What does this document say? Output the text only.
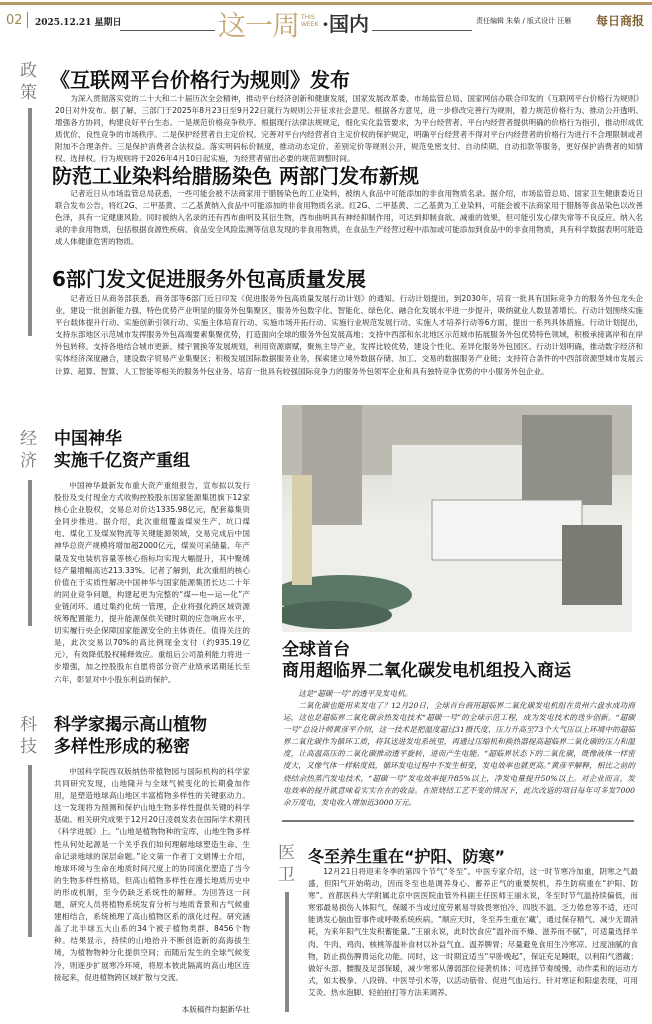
02 2025.12.21 星期日	这一周 THIS WEEK ·国内	责任编辑 朱柴 / 版式设计 汪雁 每日商报
政策
《互联网平台价格行为规则》发布

为深入贯彻落实党的二十大和二十届历次全会精神，推动平台经济创新和健康发展，国家发展改革委、市场监管总局、国家网信办联合印发的《互联网平台价格行为规则》20日对外发布。据了解，三部门于2025年8月23日至9月22日就行为规则公开征求社会意见。根据各方意见，进一步修改完善行为规则，着力规范价格行为、推动公开透明、增强各方协同，构建良好平台生态。一是规范价格竞争秩序。根据现行法律法规规定，细化实化监管要求，为平台经营者、平台内经营者提供明确的价格行为指引，推动形成优质优价、良性竞争的市场秩序。二是保护经营者自主定价权。完善对平台内经营者自主定价权的保护规定，明确平台经营者不得对平台内经营者的价格行为进行不合理限制或者附加不合理条件。三是保护消费者合法权益。落实明码标价制度，推动动态定价、差别定价等规则公开，规范免密支付、自动续期、自动扣款等服务，更好保护消费者的知情权、选择权。行为规则将于2026年4月10日起实施，为经营者留出必要的规范调整时间。

防范工业染料给腊肠染色 两部门发布新规

记者近日从市场监管总局获悉，一些可能会被不法商家用于腊肠染色的工业染料，被纳入食品中可能添加的非食用物质名录。据介绍，市场监管总局、国家卫生健康委近日联合发布公告，将红2G、二甲基黄、二乙基黄纳入食品中可能添加的非食用物质名录。红2G、二甲基黄、二乙基黄为工业染料，可能会被不法商家用于腊肠等食品染色以改善色泽，具有一定健康风险。同时被纳入名录的还有西布曲明及其衍生物，西布曲明具有神经抑制作用，可达到抑制食欲、减重的效果，但可能引发心律失常等不良反应。纳入名录的非食用物质，包括根据食源性疾病、食品安全风险监测等信息发现的非食用物质，在食品生产经营过程中添加或可能添加到食品中的非食用物质，具有科学数据表明可能造成人体健康危害的物质。

6部门发文促进服务外包高质量发展

记者近日从商务部获悉，商务部等6部门近日印发《促进服务外包高质量发展行动计划》的通知。行动计划提出，到2030年，培育一批具有国际竞争力的服务外包龙头企业，建设一批创新能力强、特色优势产业明显的服务外包集聚区，服务外包数字化、智能化、绿色化、融合化发展水平进一步提升，吸纳就业人数显著增长。行动计划围绕实施平台载体提升行动、实施创新引领行动、实施主体培育行动、实施市场开拓行动、实施行业规范发展行动、实施人才培养行动等6方面，提出一系列具体措施。行动计划提出，支持东部地区示范城市发挥服务外包高端要素集聚优势，打造面向全球的服务外包发展高地；支持中西部和东北地区示范城市拓展服务外包优势特色领域，积极承接离岸和在岸外包转移。支持各地结合城市更新、楼宇置换等发展规划，利用资源禀赋，聚焦主导产业，发挥比较优势，建设个性化、差异化服务外包园区。行动计划明确，推动数字经济和实体经济深度融合，建设数字贸易产业集聚区；积极发展国际数据服务业务，探索建立境外数据存储、加工、交易的数据服务产业链；支持符合条件的中西部资源型城市发展云计算、超算、智算、人工智能等相关的服务外包业务。培育一批具有较强国际竞争力的服务外包领军企业和具有独特竞争优势的中小服务外包企业。

经济
中国神华
实施千亿资产重组

中国神华最新发布重大资产重组报告，宣布拟以发行股份及支付现金方式收购控股股东国家能源集团旗下12家核心企业股权，交易总对价达1335.98亿元，配套募集资金同步推进。据介绍，此次重组覆盖煤炭生产、坑口煤电、煤化工及煤炭物流等关键能源领域，交易完成后中国神华总资产规模将增加超2000亿元，煤炭可采储量、年产量及发电装机容量等核心指标均实现大幅提升，其中聚烯烃产量增幅高达213.33%。记者了解到，此次重组的核心价值在于实质性解决中国神华与国家能源集团长达二十年的同业竞争问题，构建起更为完整的“煤—电—运—化”产业链闭环。通过集约化统一管理，企业将强化跨区域资源统筹配置能力，提升能源保供关键时期的应急响应水平，切实履行央企保障国家能源安全的主体责任。值得关注的是，此次交易以70%的高比例现金支付（约935.19亿元），有效降低股权稀释效应。重组后公司盈利能力将进一步增强，加之控股股东自愿将部分资产业绩承诺期延长至六年，彰显对中小股东利益的保护。

全球首台
商用超临界二氧化碳发电机组投入商运

这是“超碳一号”的透平及发电机。

二氧化碳也能用来发电了？12月20日，全球首台商用超临界二氧化碳发电机组在贵州六盘水成功商运，这也是超临界二氧化碳余热发电技术“超碳一号”的全球示范工程，成为发电技术的迭步创新。“超碳一号”总设计师黄彦平介绍，这一技术是把温度超过31摄氏度、压力升高至73个大气压以上环境中的超临界二氧化碳作为循环工质，将其送进发电系统里，再通过压缩机和换热器提高超临界二氧化碳的压力和温度，让高温高压的二氧化碳推动透平旋转，进而产生电能。“超临界状态下的二氧化碳，既像液体一样密度大，又像气体一样粘度低，循环发电过程中不发生相变，发电效率也就更高。”黄彦平解释，相比之前的烧结余热蒸汽发电技术，“超碳一号”发电效率提升85%以上，净发电量提升50%以上。对企业而言，发电效率的提升就意味着实实在在的收益。在原烧结工艺不变的情况下，此次改造的项目每年可多发7000余万度电，发电收入增加近3000万元。

科技
科学家揭示高山植物
多样性形成的秘密

中国科学院西双版纳热带植物园与国际机构的科学家共同研究发现，山地隆升与全球气候变化的长期叠加作用，是塑造地球高山地区丰富植物多样性的关键驱动力。这一发现将为预测和保护山地生物多样性提供关键的科学基础。相关研究成果于12月20日凌晨发表在国际学术期刊《科学进展》上。“山地是植物物种的宝库，山地生物多样性从何处起源是一个关乎我们如何理解地球塑造生命、生命记录地球的深层命题。”论文第一作者丁文娟博士介绍，地球环境与生命在地质时间尺度上的协同演化塑造了当今的生物多样性格局，但高山植物多样性在漫长地质历史中的形成机制，至今仍缺乏系统性的解释。为回答这一问题，研究人员将植物系统发育分析与地质背景和古气候重建相结合，系统梳理了高山植物区系的演化过程。研究涵盖了北半球五大山系的34个被子植物类群、8456个物种。结果显示，持续的山地抬升不断创造新的高海拔生境，为植物物种分化提供空间；而随后发生的全球气候变冷，则逐步扩展寒冷环境，将原本彼此隔离的高山地区连接起来，促进植物跨区域扩散与交流。

本版稿件均据新华社

医卫
冬至养生重在“护阳、防寒”

12月21日将迎来冬季的第四个节气“冬至”。中医专家介绍，这一时节寒冷加重，阴寒之气最盛，但阳气开始萌动，因而冬至也是调养身心、蓄养正气的重要契机，养生防病重在“护阳、防寒”。首都医科大学附属北京中医医院血管外科副主任医师王丽永说，冬至时节气温持续偏低，而寒邪最易损伤人体阳气，保暖不当或过度劳累易导致畏寒怕冷、四肢不温、乏力倦怠等不适，还可能诱发心脑血管事件或呼吸系统疾病。“顺应天时，冬至养生重在‘藏’，通过保存精气、减少无谓消耗，为来年阳气生发积蓄能量。”王丽永说，此时饮食应“温补而不燥、滋养而不腻”，可适量选择羊肉、牛肉、鸡肉、核桃等温补食材以补益气血、温养脾胃；尽量避免食用生冷寒凉、过度油腻的食物，防止损伤脾胃运化功能。同时，这一时期宜适当“早卧晚起”，保证充足睡眠，以利阳气潜藏；做好头部、腰腹及足部保暖，减少寒邪从薄弱部位侵袭机体；可选择节奏缓慢、动作柔和的运动方式，如太极拳、八段锦、中医导引术等，以活动筋骨、促进气血运行。针对寒证和阳虚表现，可用艾灸、热水泡脚、轻拍拍打等方法来调养。
